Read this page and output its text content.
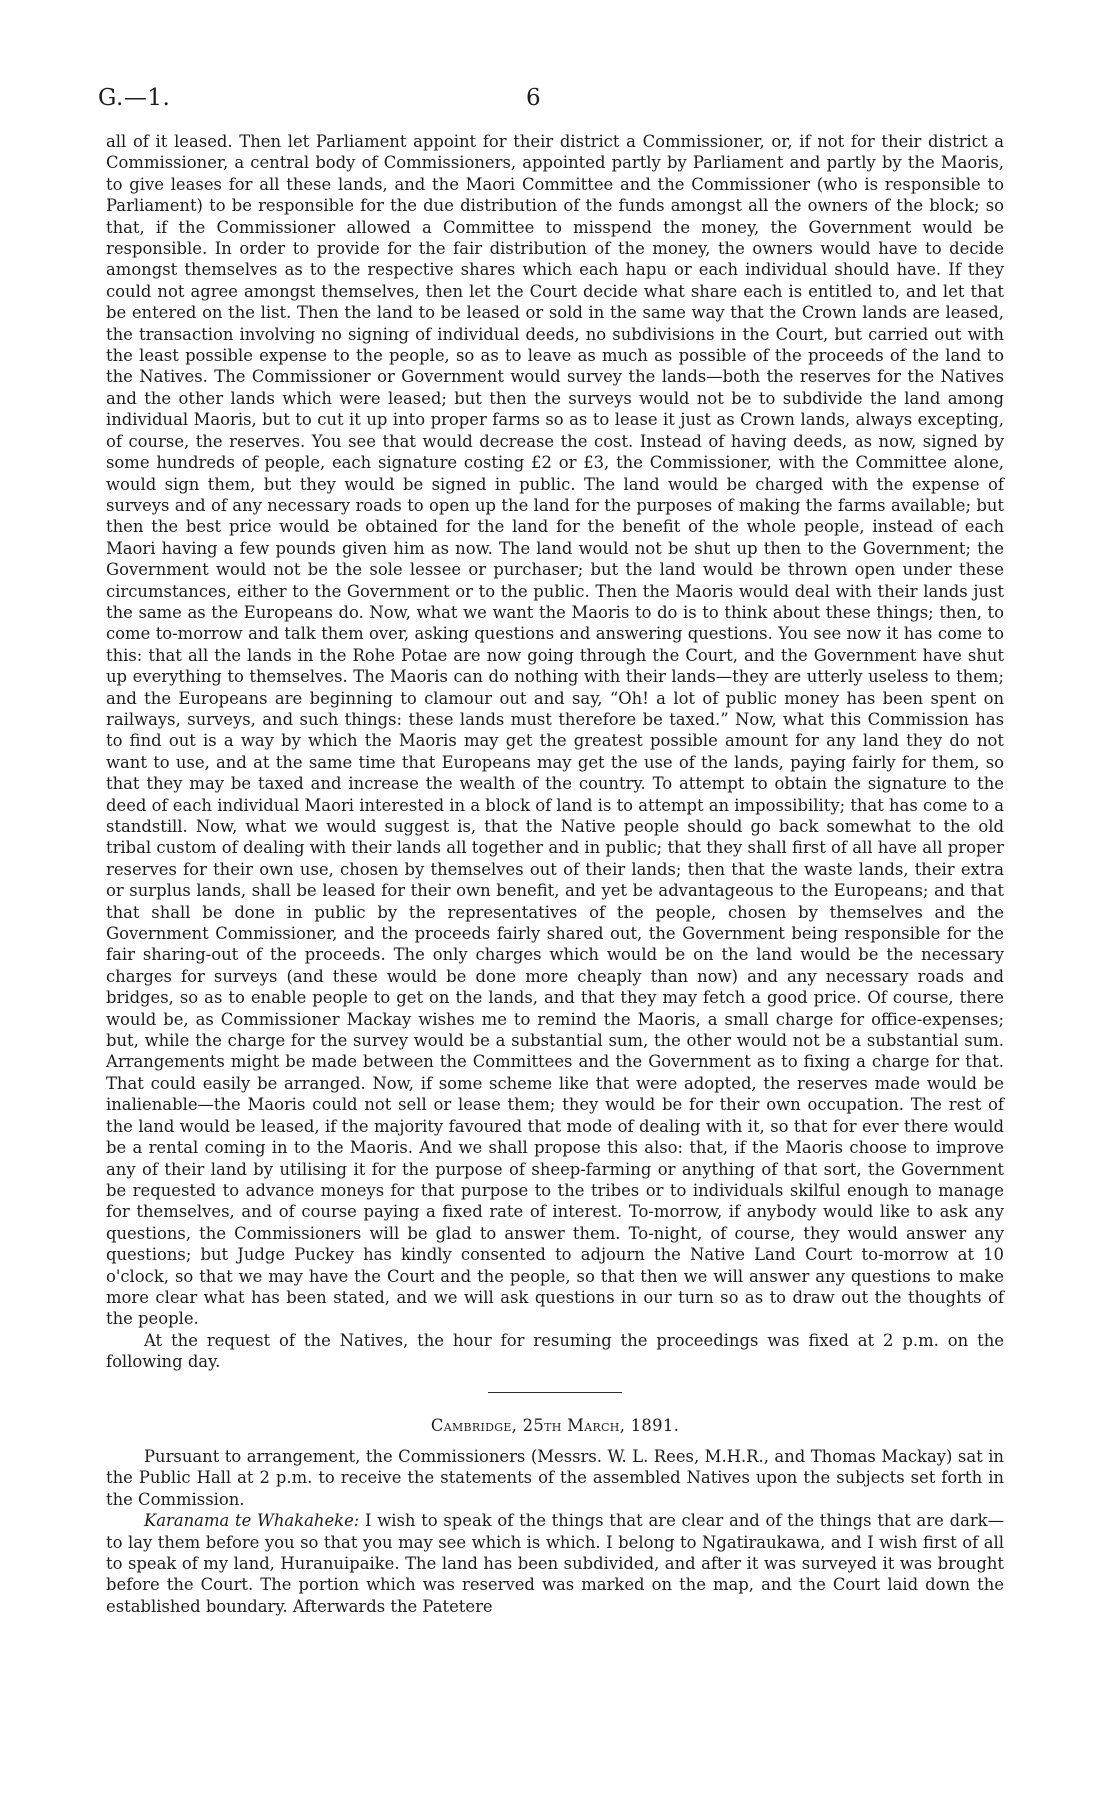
G.—1.	6

all of it leased. Then let Parliament appoint for their district a Commissioner, or, if not for their district a Commissioner, a central body of Commissioners, appointed partly by Parliament and partly by the Maoris, to give leases for all these lands, and the Maori Committee and the Commissioner (who is responsible to Parliament) to be responsible for the due distribution of the funds amongst all the owners of the block; so that, if the Commissioner allowed a Committee to misspend the money, the Government would be responsible. In order to provide for the fair distribution of the money, the owners would have to decide amongst themselves as to the respective shares which each hapu or each individual should have. If they could not agree amongst themselves, then let the Court decide what share each is entitled to, and let that be entered on the list. Then the land to be leased or sold in the same way that the Crown lands are leased, the transaction involving no signing of individual deeds, no subdivisions in the Court, but carried out with the least possible expense to the people, so as to leave as much as possible of the proceeds of the land to the Natives. The Commissioner or Government would survey the lands—both the reserves for the Natives and the other lands which were leased; but then the surveys would not be to subdivide the land among individual Maoris, but to cut it up into proper farms so as to lease it just as Crown lands, always excepting, of course, the reserves. You see that would decrease the cost. Instead of having deeds, as now, signed by some hundreds of people, each signature costing £2 or £3, the Commissioner, with the Committee alone, would sign them, but they would be signed in public. The land would be charged with the expense of surveys and of any necessary roads to open up the land for the purposes of making the farms available; but then the best price would be obtained for the land for the benefit of the whole people, instead of each Maori having a few pounds given him as now. The land would not be shut up then to the Government; the Government would not be the sole lessee or purchaser; but the land would be thrown open under these circumstances, either to the Government or to the public. Then the Maoris would deal with their lands just the same as the Europeans do. Now, what we want the Maoris to do is to think about these things; then, to come to-morrow and talk them over, asking questions and answering questions. You see now it has come to this: that all the lands in the Rohe Potae are now going through the Court, and the Government have shut up everything to themselves. The Maoris can do nothing with their lands—they are utterly useless to them; and the Europeans are beginning to clamour out and say, “Oh! a lot of public money has been spent on railways, surveys, and such things: these lands must therefore be taxed.” Now, what this Commission has to find out is a way by which the Maoris may get the greatest possible amount for any land they do not want to use, and at the same time that Europeans may get the use of the lands, paying fairly for them, so that they may be taxed and increase the wealth of the country. To attempt to obtain the signature to the deed of each individual Maori interested in a block of land is to attempt an impossibility; that has come to a standstill. Now, what we would suggest is, that the Native people should go back somewhat to the old tribal custom of dealing with their lands all together and in public; that they shall first of all have all proper reserves for their own use, chosen by themselves out of their lands; then that the waste lands, their extra or surplus lands, shall be leased for their own benefit, and yet be advantageous to the Europeans; and that that shall be done in public by the representatives of the people, chosen by themselves and the Government Commissioner, and the proceeds fairly shared out, the Government being responsible for the fair sharing-out of the proceeds. The only charges which would be on the land would be the necessary charges for surveys (and these would be done more cheaply than now) and any necessary roads and bridges, so as to enable people to get on the lands, and that they may fetch a good price. Of course, there would be, as Commissioner Mackay wishes me to remind the Maoris, a small charge for office-expenses; but, while the charge for the survey would be a substantial sum, the other would not be a substantial sum. Arrangements might be made between the Committees and the Government as to fixing a charge for that. That could easily be arranged. Now, if some scheme like that were adopted, the reserves made would be inalienable—the Maoris could not sell or lease them; they would be for their own occupation. The rest of the land would be leased, if the majority favoured that mode of dealing with it, so that for ever there would be a rental coming in to the Maoris. And we shall propose this also: that, if the Maoris choose to improve any of their land by utilising it for the purpose of sheep-farming or anything of that sort, the Government be requested to advance moneys for that purpose to the tribes or to individuals skilful enough to manage for themselves, and of course paying a fixed rate of interest. To-morrow, if anybody would like to ask any questions, the Commissioners will be glad to answer them. To-night, of course, they would answer any questions; but Judge Puckey has kindly consented to adjourn the Native Land Court to-morrow at 10 o'clock, so that we may have the Court and the people, so that then we will answer any questions to make more clear what has been stated, and we will ask questions in our turn so as to draw out the thoughts of the people.

At the request of the Natives, the hour for resuming the proceedings was fixed at 2 p.m. on the following day.

Cambridge, 25th March, 1891.

Pursuant to arrangement, the Commissioners (Messrs. W. L. Rees, M.H.R., and Thomas Mackay) sat in the Public Hall at 2 p.m. to receive the statements of the assembled Natives upon the subjects set forth in the Commission.

Karanama te Whakaheke: I wish to speak of the things that are clear and of the things that are dark—to lay them before you so that you may see which is which. I belong to Ngatiraukawa, and I wish first of all to speak of my land, Huranuipaike. The land has been subdivided, and after it was surveyed it was brought before the Court. The portion which was reserved was marked on the map, and the Court laid down the established boundary. Afterwards the Patetere
